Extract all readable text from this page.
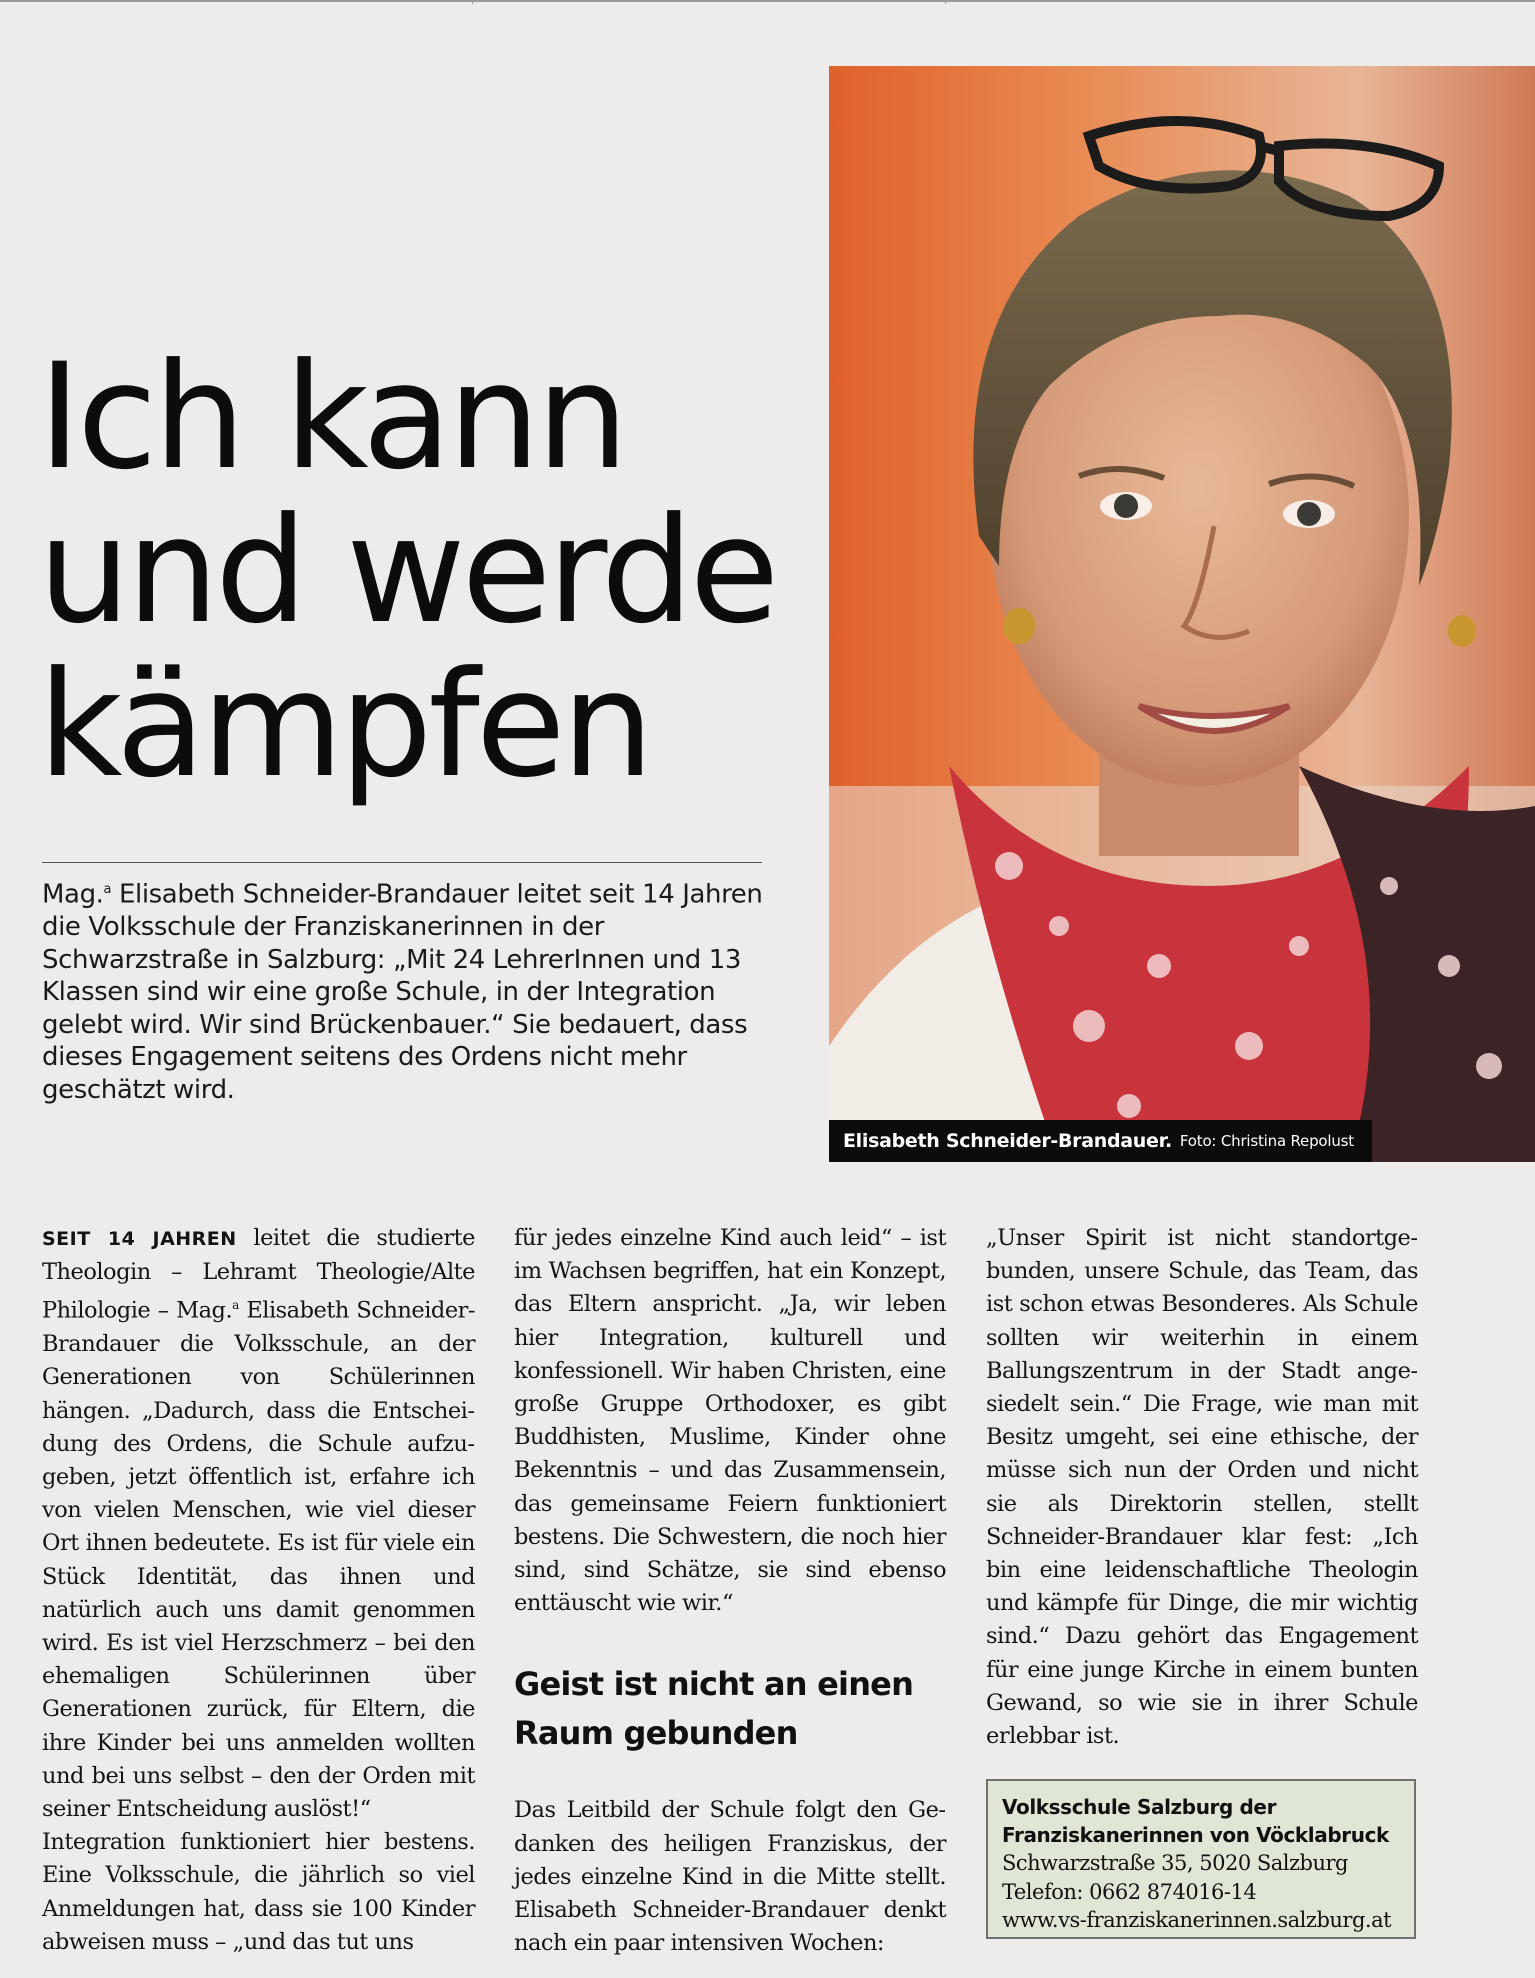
Ich kann
und werde
kämpfen

Mag.$^a$ Elisabeth Schneider-Brandauer leitet seit 14 Jahren die Volksschule der Franziskanerinnen in der Schwarzstraße in Salzburg: „Mit 24 LehrerInnen und 13 Klassen sind wir eine große Schule, in der Integration gelebt wird. Wir sind Brückenbauer.“ Sie bedauert, dass dieses Engagement seitens des Ordens nicht mehr geschätzt wird.

Elisabeth Schneider-Brandauer. Foto: Christina Repolust

SEIT 14 JAHREN leitet die studierte Theologin – Lehramt Theologie/Alte Philologie – Mag.$^a$ Elisabeth Schneider-Brandauer die Volksschule, an der Generationen von Schülerinnen hängen. „Dadurch, dass die Entscheidung des Ordens, die Schule aufzugeben, jetzt öffentlich ist, erfahre ich von vielen Menschen, wie viel dieser Ort ihnen bedeutete. Es ist für viele ein Stück Identität, das ihnen und natürlich auch uns damit genommen wird. Es ist viel Herzschmerz – bei den ehemaligen Schülerinnen über Generationen zurück, für Eltern, die ihre Kinder bei uns anmelden wollten und bei uns selbst – den der Orden mit seiner Entscheidung auslöst!“

Integration funktioniert hier bestens. Eine Volksschule, die jährlich so viel Anmeldungen hat, dass sie 100 Kinder abweisen muss – „und das tut uns

für jedes einzelne Kind auch leid“ – ist im Wachsen begriffen, hat ein Konzept, das Eltern anspricht. „Ja, wir leben hier Integration, kulturell und konfessionell. Wir haben Christen, eine große Gruppe Orthodoxer, es gibt Buddhisten, Muslime, Kinder ohne Bekenntnis – und das Zusammensein, das gemeinsame Feiern funktioniert bestens. Die Schwestern, die noch hier sind, sind Schätze, sie sind ebenso enttäuscht wie wir.“

Geist ist nicht an einen Raum gebunden

Das Leitbild der Schule folgt den Gedanken des heiligen Franziskus, der jedes einzelne Kind in die Mitte stellt. Elisabeth Schneider-Brandauer denkt nach ein paar intensiven Wochen:

„Unser Spirit ist nicht standortgebunden, unsere Schule, das Team, das ist schon etwas Besonderes. Als Schule sollten wir weiterhin in einem Ballungszentrum in der Stadt angesiedelt sein.“ Die Frage, wie man mit Besitz umgeht, sei eine ethische, der müsse sich nun der Orden und nicht sie als Direktorin stellen, stellt Schneider-Brandauer klar fest: „Ich bin eine leidenschaftliche Theologin und kämpfe für Dinge, die mir wichtig sind.“ Dazu gehört das Engagement für eine junge Kirche in einem bunten Gewand, so wie sie in ihrer Schule erlebbar ist.

Volksschule Salzburg der
Franziskanerinnen von Vöcklabruck

Schwarzstraße 35, 5020 Salzburg
Telefon: 0662 874016-14
www.vs-franziskanerinnen.salzburg.at
